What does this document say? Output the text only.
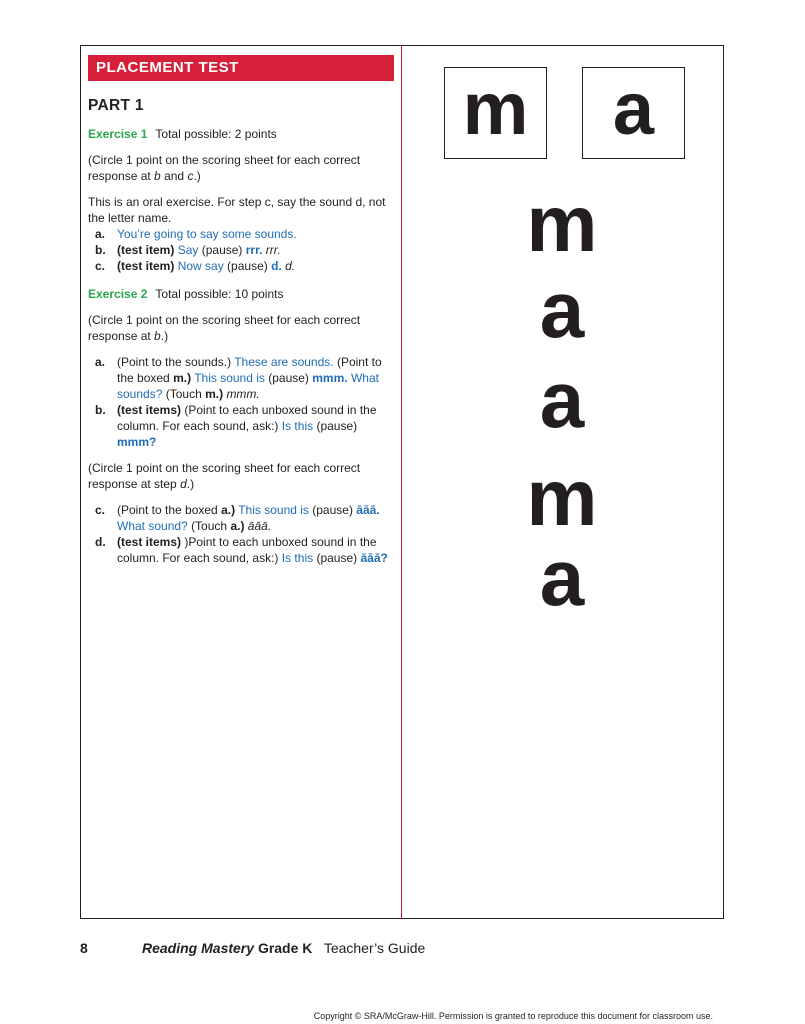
PLACEMENT TEST
PART 1
Exercise 1 Total possible: 2 points

(Circle 1 point on the scoring sheet for each correct response at b and c.)

This is an oral exercise. For step c, say the sound d, not the letter name.

a. You’re going to say some sounds.
b. (test item) Say (pause) rrr. rrr.
c. (test item) Now say (pause) d. d.
Exercise 2 Total possible: 10 points

(Circle 1 point on the scoring sheet for each correct response at b.)

a. (Point to the sounds.) These are sounds. (Point to the boxed m.) This sound is (pause) mmm. What sounds? (Touch m.) mmm.
b. (test items) (Point to each unboxed sound in the column. For each sound, ask:) Is this (pause) mmm?

(Circle 1 point on the scoring sheet for each correct response at step d.)

c. (Point to the boxed a.) This sound is (pause) āāā. What sound? (Touch a.) āāā.
d. (test items) )Point to each unboxed sound in the column. For each sound, ask:) Is this (pause) āāā?
m	a
m
a
a
m
a
8	Reading Mastery Grade K Teacher’s Guide
Copyright © SRA/McGraw-Hill. Permission is granted to reproduce this document for classroom use.
